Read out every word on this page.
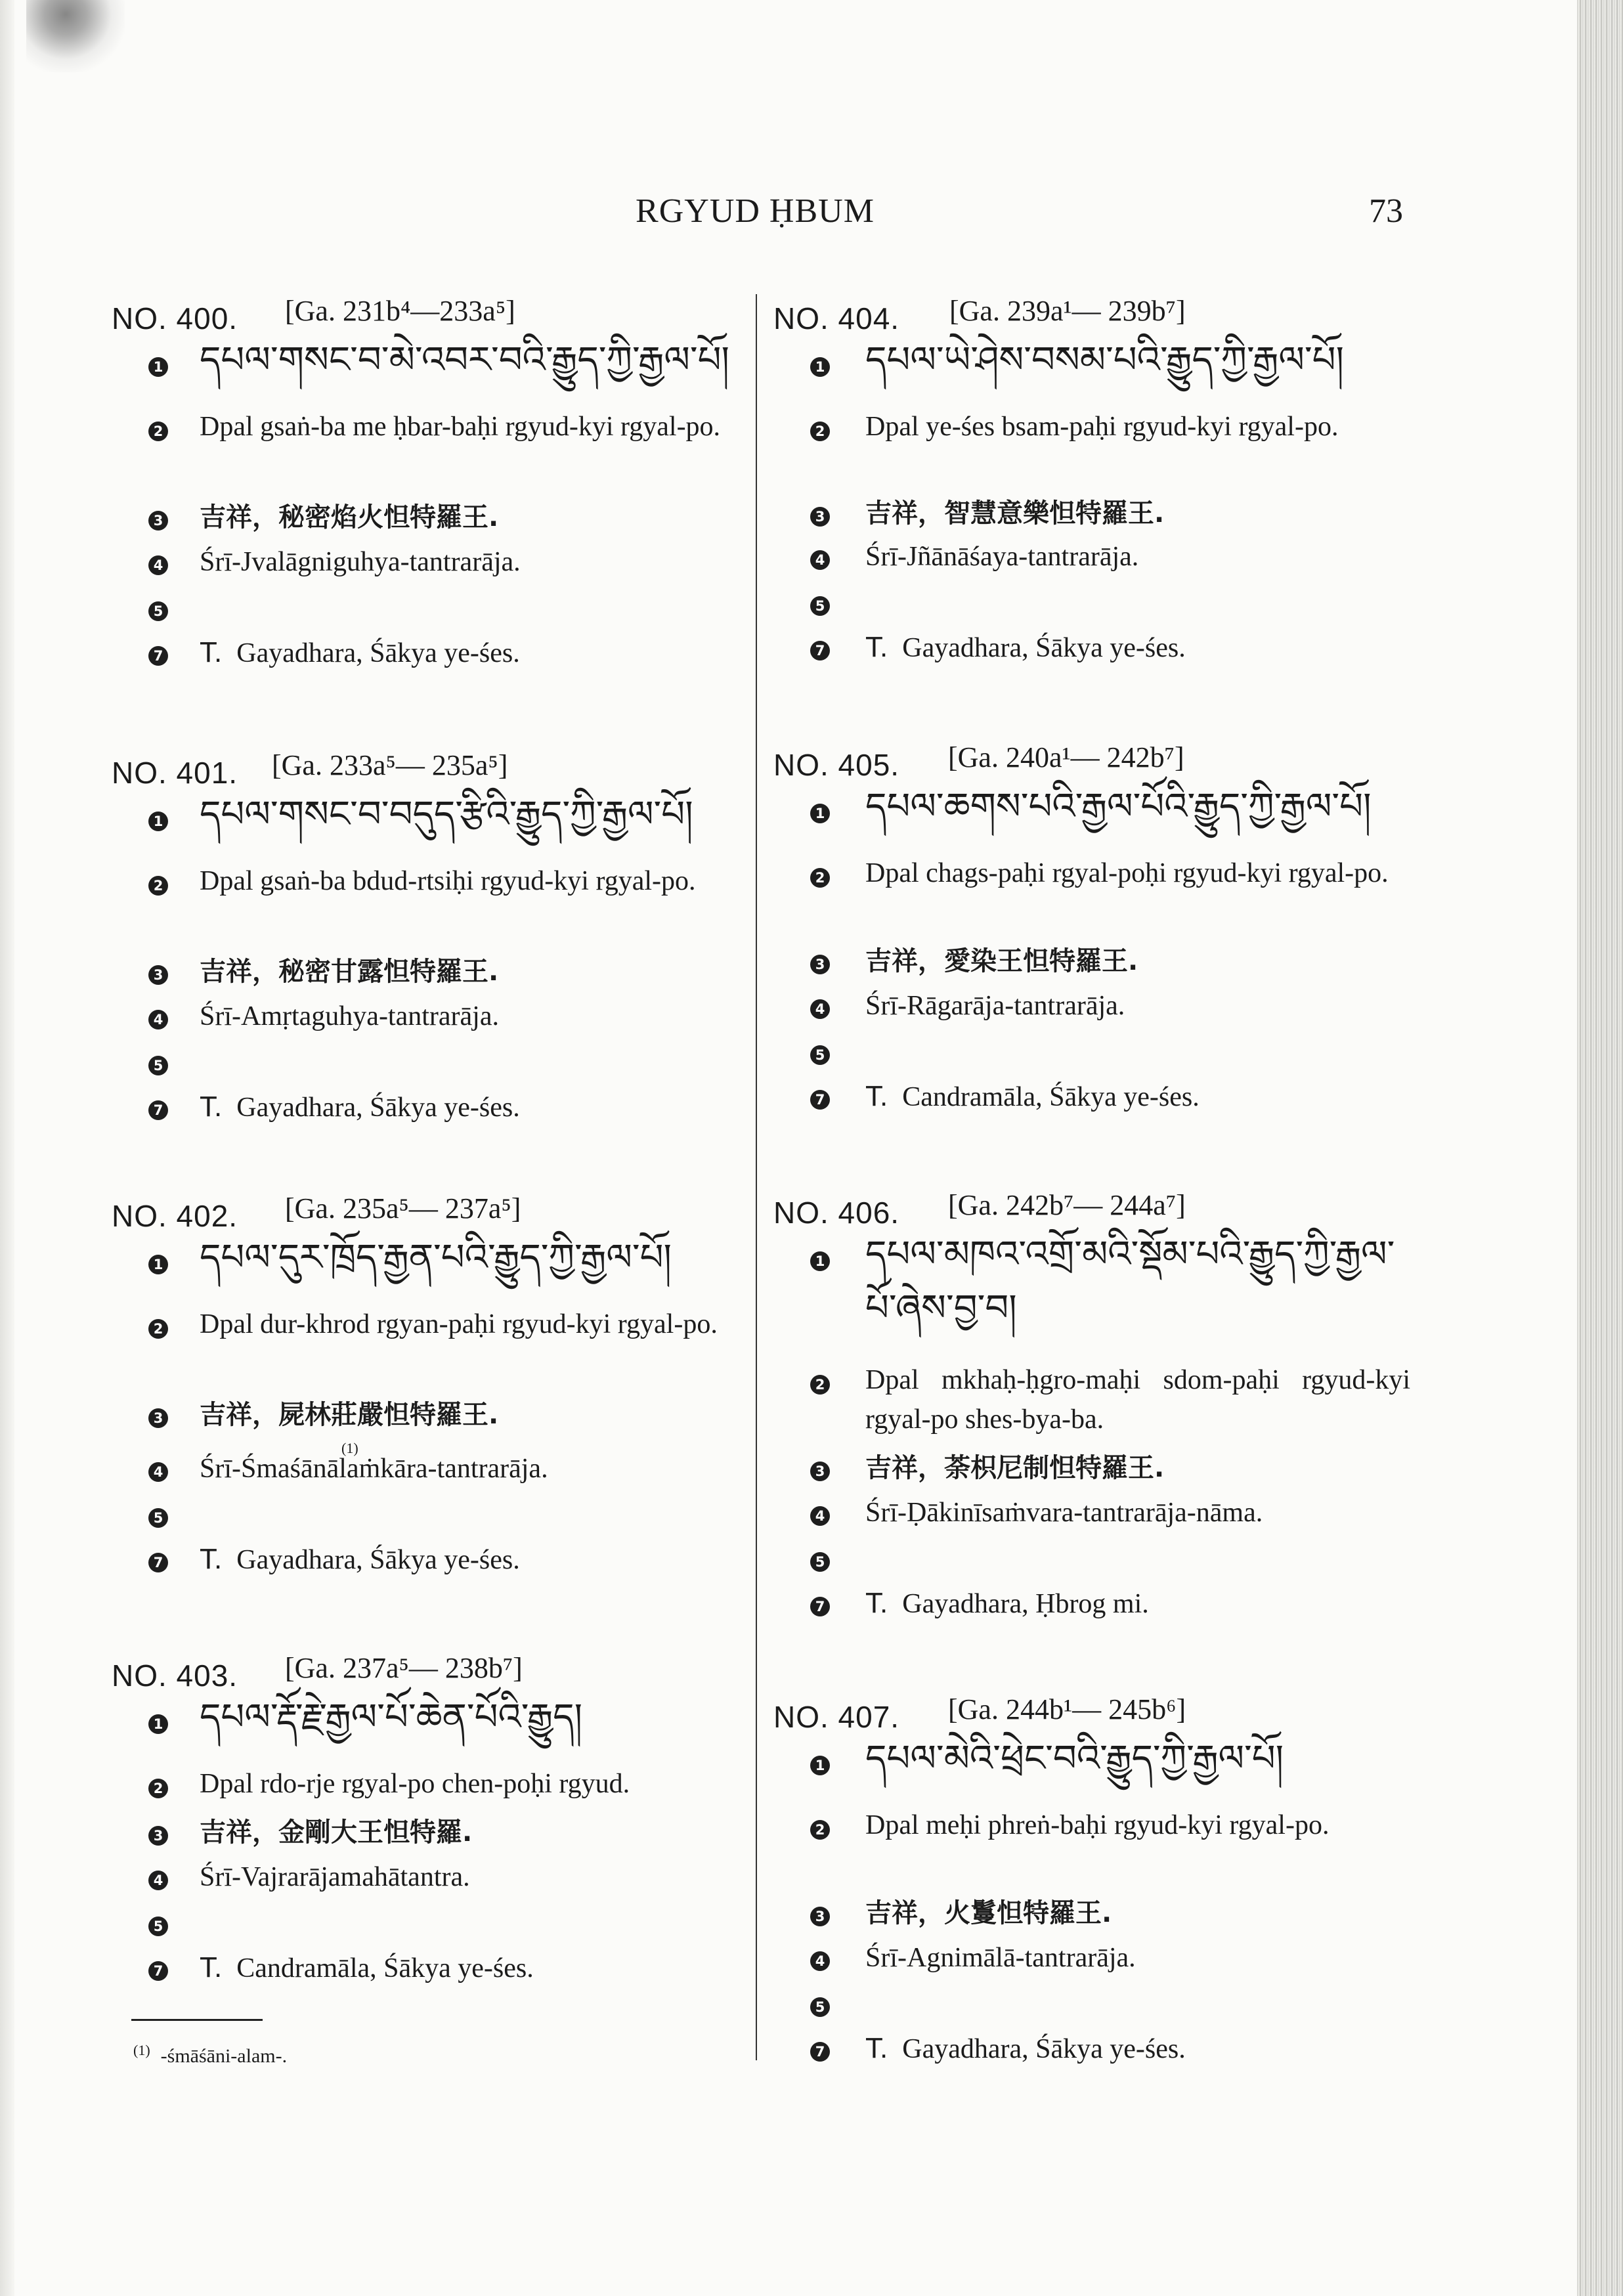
RGYUD ḤBUM	73
NO. 400. [Ga. 231b⁴—233a⁵]
1 དཔལ་གསང་བ་མེ་འབར་བའི་རྒྱུད་ཀྱི་རྒྱལ་པོ།
2 Dpal gsaṅ-ba me ḥbar-baḥi rgyud-kyi rgyal-po.
3 吉祥，秘密焰火怛特羅王.
4 Śrī-Jvalāgniguhya-tantrarāja.
5
7 T. Gayadhara, Śākya ye-śes.
NO. 401. [Ga. 233a⁵— 235a⁵]
1 དཔལ་གསང་བ་བདུད་རྩིའི་རྒྱུད་ཀྱི་རྒྱལ་པོ།
2 Dpal gsaṅ-ba bdud-rtsiḥi rgyud-kyi rgyal-po.
3 吉祥，秘密甘露怛特羅王.
4 Śrī-Amṛtaguhya-tantrarāja.
5
7 T. Gayadhara, Śākya ye-śes.
NO. 402. [Ga. 235a⁵— 237a⁵]
1 དཔལ་དུར་ཁྲོད་རྒྱན་པའི་རྒྱུད་ཀྱི་རྒྱལ་པོ།
2 Dpal dur-khrod rgyan-paḥi rgyud-kyi rgyal-po.
3 吉祥，屍林莊嚴怛特羅王.
(1)
4 Śrī-Śmaśānālaṁkāra-tantrarāja.
5
7 T. Gayadhara, Śākya ye-śes.
NO. 403. [Ga. 237a⁵— 238b⁷]
1 དཔལ་རྡོ་རྗེ་རྒྱལ་པོ་ཆེན་པོའི་རྒྱུད།
2 Dpal rdo-rje rgyal-po chen-poḥi rgyud.
3 吉祥，金剛大王怛特羅.
4 Śrī-Vajrarājamahātantra.
5
7 T. Candramāla, Śākya ye-śes.
$^{(1)}$ -śmāśāni-alam-.
NO. 404. [Ga. 239a¹— 239b⁷]
1 དཔལ་ཡེ་ཤེས་བསམ་པའི་རྒྱུད་ཀྱི་རྒྱལ་པོ།
2 Dpal ye-śes bsam-paḥi rgyud-kyi rgyal-po.
3 吉祥，智慧意樂怛特羅王.
4 Śrī-Jñānāśaya-tantrarāja.
5
7 T. Gayadhara, Śākya ye-śes.
NO. 405. [Ga. 240a¹— 242b⁷]
1 དཔལ་ཆགས་པའི་རྒྱལ་པོའི་རྒྱུད་ཀྱི་རྒྱལ་པོ།
2 Dpal chags-paḥi rgyal-poḥi rgyud-kyi rgyal-po.
3 吉祥，愛染王怛特羅王.
4 Śrī-Rāgarāja-tantrarāja.
5
7 T. Candramāla, Śākya ye-śes.
NO. 406. [Ga. 242b⁷— 244a⁷]
1 དཔལ་མཁའ་འགྲོ་མའི་སྡོམ་པའི་རྒྱུད་ཀྱི་རྒྱལ་པོ་ཞེས་བྱ་བ།
2 Dpal mkhaḥ-ḥgro-maḥi sdom-paḥi rgyud-kyi rgyal-po shes-bya-ba.
3 吉祥，荼枳尼制怛特羅王.
4 Śrī-Ḍākinīsaṁvara-tantrarāja-nāma.
5
7 T. Gayadhara, Ḥbrog mi.
NO. 407. [Ga. 244b¹— 245b⁶]
1 དཔལ་མེའི་ཕྲེང་བའི་རྒྱུད་ཀྱི་རྒྱལ་པོ།
2 Dpal meḥi phreṅ-baḥi rgyud-kyi rgyal-po.
3 吉祥，火鬘怛特羅王.
4 Śrī-Agnimālā-tantrarāja.
5
7 T. Gayadhara, Śākya ye-śes.
